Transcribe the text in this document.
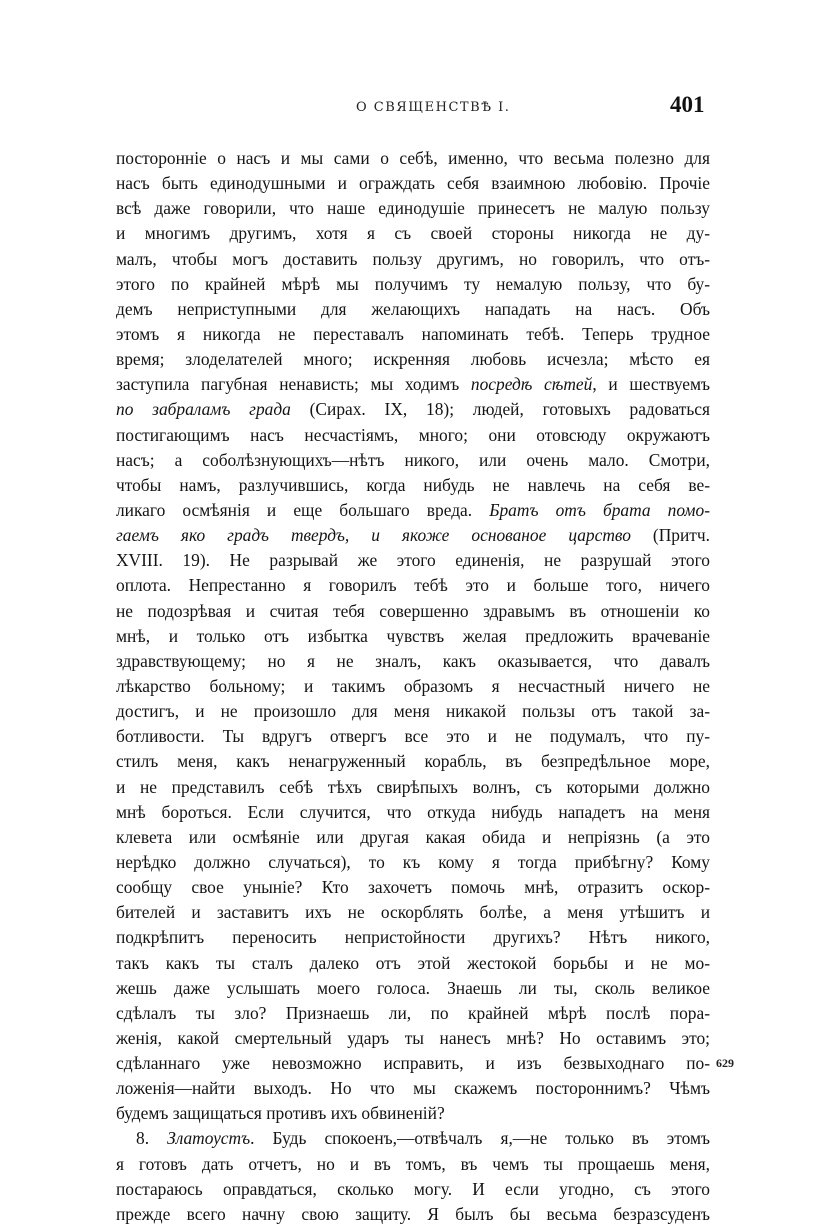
О СВЯЩЕНСТВѢ I.	401
постороннiе о насъ и мы сами о себѣ, именно, что весьма полезно для
насъ быть единодушными и ограждать себя взаимною любовiю. Прочiе
всѣ даже говорили, что наше единодушiе принесетъ не малую пользу
и многимъ другимъ, хотя я съ своей стороны никогда не ду-
малъ, чтобы могъ доставить пользу другимъ, но говорилъ, что отъ-
этого по крайней мѣрѣ мы получимъ ту немалую пользу, что бу-
демъ неприступными для желающихъ нападать на насъ. Объ
этомъ я никогда не переставалъ напоминать тебѣ. Теперь трудное
время; злоделателей много; искренняя любовь исчезла; мѣсто ея
заступила пагубная ненависть; мы ходимъ посредѣ сѣтей, и шествуемъ
по забраламъ града (Сирах. IX, 18); людей, готовыхъ радоваться
постигающимъ насъ несчастiямъ, много; они отовсюду окружаютъ
насъ; а соболѣзнующихъ—нѣтъ никого, или очень мало. Смотри,
чтобы намъ, разлучившись, когда нибудь не навлечь на себя ве-
ликаго осмѣянiя и еще большаго вреда. Братъ отъ брата помо-
гаемъ яко градъ твердъ, и якоже основаное царство (Притч.
XVIII. 19). Не разрывай же этого единенiя, не разрушай этого
оплота. Непрестанно я говорилъ тебѣ это и больше того, ничего
не подозрѣвая и считая тебя совершенно здравымъ въ отношенiи ко
мнѣ, и только отъ избытка чувствъ желая предложить врачеванiе
здравствующему; но я не зналъ, какъ оказывается, что давалъ
лѣкарство больному; и такимъ образомъ я несчастный ничего не
достигъ, и не произошло для меня никакой пользы отъ такой за-
ботливости. Ты вдругъ отвергъ все это и не подумалъ, что пу-
стилъ меня, какъ ненагруженный корабль, въ безпредѣльное море,
и не представилъ себѣ тѣхъ свирѣпыхъ волнъ, съ которыми должно
мнѣ бороться. Если случится, что откуда нибудь нападетъ на меня
клевета или осмѣянiе или другая какая обида и непрiязнь (а это
нерѣдко должно случаться), то къ кому я тогда прибѣгну? Кому
сообщу свое унынiе? Кто захочетъ помочь мнѣ, отразитъ оскор-
бителей и заставитъ ихъ не оскорблять болѣе, а меня утѣшитъ и
подкрѣпитъ переносить непристойности другихъ? Нѣтъ никого,
такъ какъ ты сталъ далеко отъ этой жестокой борьбы и не мо-
жешь даже услышать моего голоса. Знаешь ли ты, сколь великое
сдѣлалъ ты зло? Признаешь ли, по крайней мѣрѣ послѣ пора-
женiя, какой смертельный ударъ ты нанесъ мнѣ? Но оставимъ это;
сдѣланнаго уже невозможно исправить, и изъ безвыходнаго по-
ложенiя—найти выходъ. Но что мы скажемъ постороннимъ? Чѣмъ
будемъ защищаться противъ ихъ обвиненiй?
8. Златоустъ. Будь спокоенъ,—отвѣчалъ я,—не только въ этомъ
я готовъ дать отчетъ, но и въ томъ, въ чемъ ты прощаешь меня,
постараюсь оправдаться, сколько могу. И если угодно, съ этого
прежде всего начну свою защиту. Я былъ бы весьма безразсуденъ
629
